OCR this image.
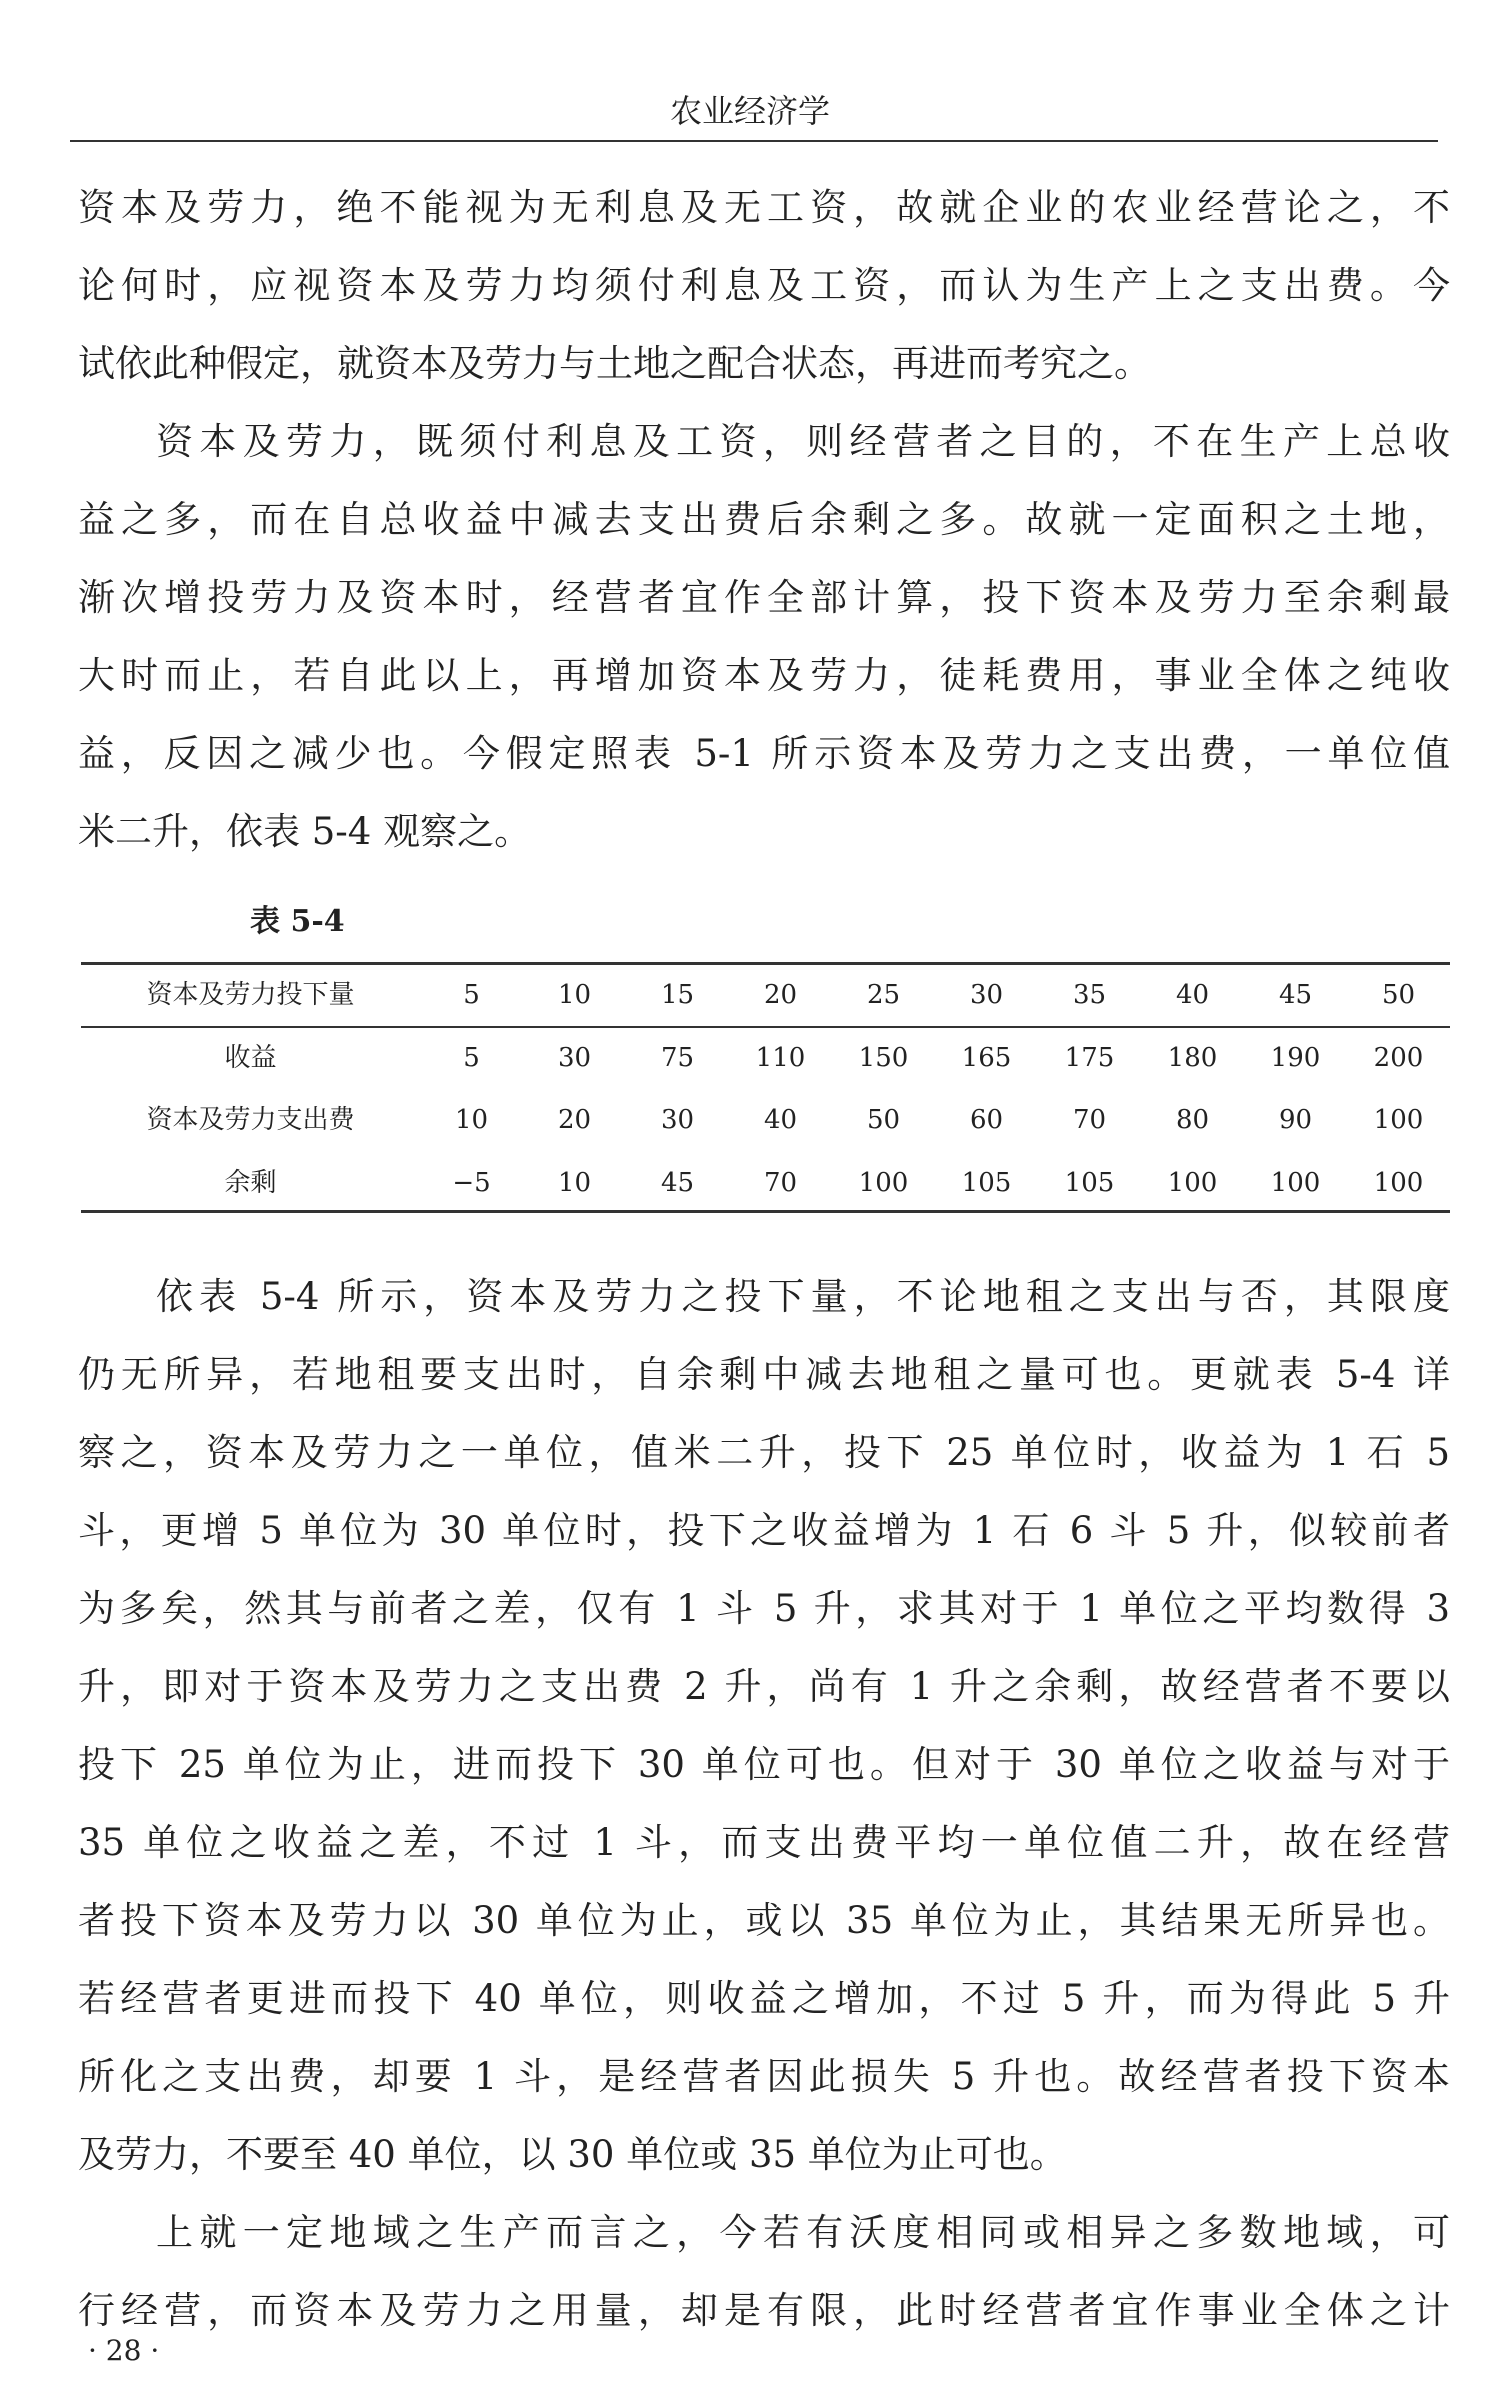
农业经济学
资本及劳力，绝不能视为无利息及无工资，故就企业的农业经营论之，不
论何时，应视资本及劳力均须付利息及工资，而认为生产上之支出费。今
试依此种假定，就资本及劳力与土地之配合状态，再进而考究之。
资本及劳力，既须付利息及工资，则经营者之目的，不在生产上总收
益之多，而在自总收益中减去支出费后余剩之多。故就一定面积之土地，
渐次增投劳力及资本时，经营者宜作全部计算，投下资本及劳力至余剩最
大时而止，若自此以上，再增加资本及劳力，徒耗费用，事业全体之纯收
益，反因之减少也。今假定照表 5-1 所示资本及劳力之支出费，一单位值
米二升，依表 5-4 观察之。
表 5-4
资本及劳力投下量	5	10	15	20	25	30	35	40	45	50
收益	5	30	75	110	150	165	175	180	190	200
资本及劳力支出费	10	20	30	40	50	60	70	80	90	100
余剩	−5	10	45	70	100	105	105	100	100	100
依表 5-4 所示，资本及劳力之投下量，不论地租之支出与否，其限度
仍无所异，若地租要支出时，自余剩中减去地租之量可也。更就表 5-4 详
察之，资本及劳力之一单位，值米二升，投下 25 单位时，收益为 1 石 5
斗，更增 5 单位为 30 单位时，投下之收益增为 1 石 6 斗 5 升，似较前者
为多矣，然其与前者之差，仅有 1 斗 5 升，求其对于 1 单位之平均数得 3
升，即对于资本及劳力之支出费 2 升，尚有 1 升之余剩，故经营者不要以
投下 25 单位为止，进而投下 30 单位可也。但对于 30 单位之收益与对于
35 单位之收益之差，不过 1 斗，而支出费平均一单位值二升，故在经营
者投下资本及劳力以 30 单位为止，或以 35 单位为止，其结果无所异也。
若经营者更进而投下 40 单位，则收益之增加，不过 5 升，而为得此 5 升
所化之支出费，却要 1 斗，是经营者因此损失 5 升也。故经营者投下资本
及劳力，不要至 40 单位，以 30 单位或 35 单位为止可也。
上就一定地域之生产而言之，今若有沃度相同或相异之多数地域，可
行经营，而资本及劳力之用量，却是有限，此时经营者宜作事业全体之计
· 28 ·
